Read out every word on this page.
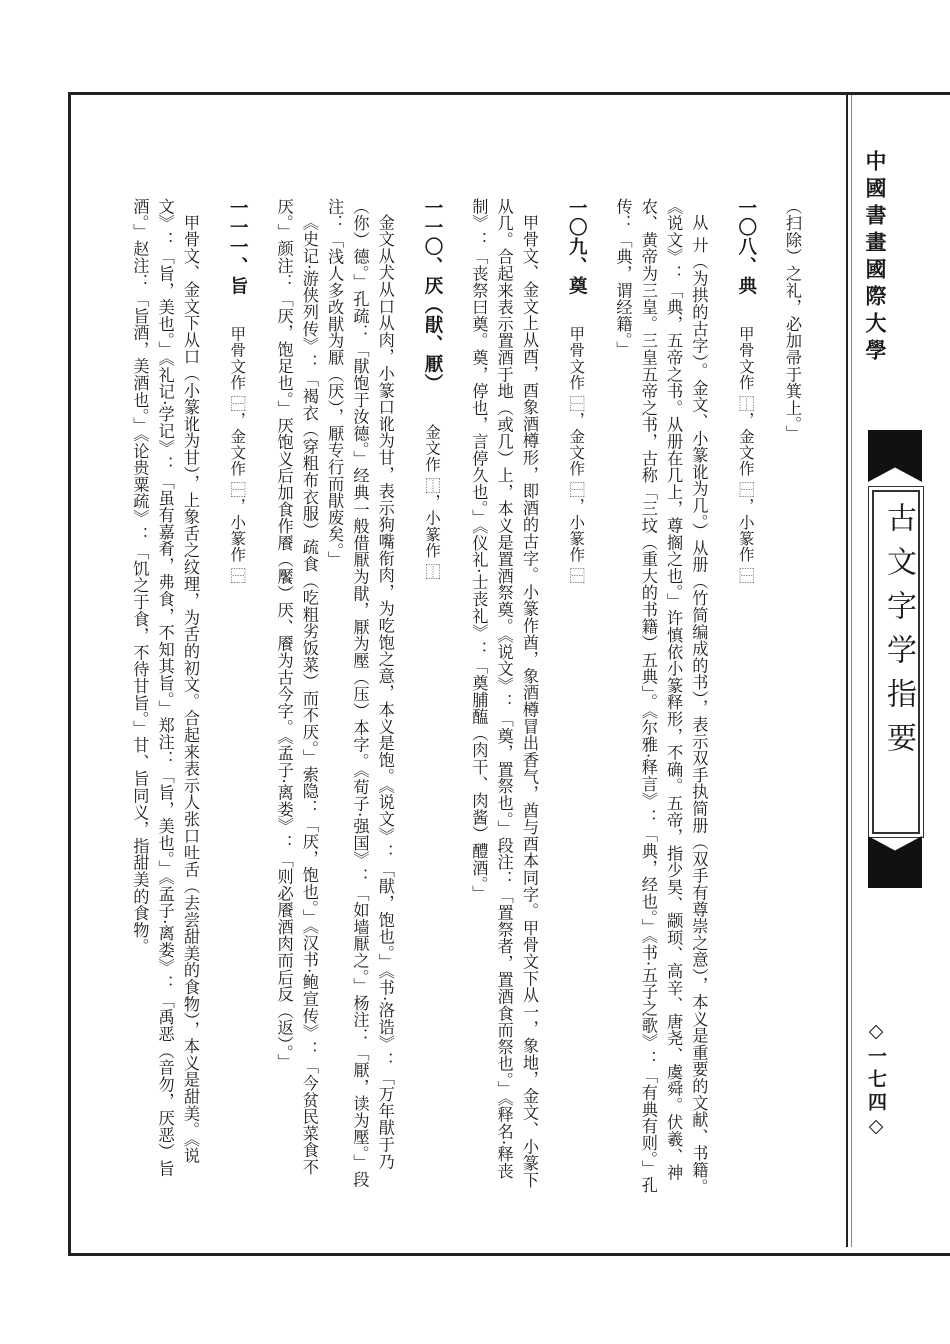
中國書畫國際大學
古文字学指要
◇一七四◇

（扫除）之礼，必加帚于箕上。」

一〇八、典 甲骨文作 ⿰，金文作 ⿱，小篆作 ⿱

从 廾（为拱的古字）。金文、小篆讹为几。）从册（竹简编成的书），表示双手执简册（双手有尊崇之意），本义是重要的文献、书籍。《说文》：「典，五帝之书。从册在几上，尊搁之也。」许慎依小篆释形，不确。五帝，指少昊、颛顼、高辛、唐尧、虞舜。伏羲、神农、黄帝为三皇。三皇五帝之书，古称「三坟（重大的书籍）五典」。《尔雅·释言》：「典，经也。」《书·五子之歌》：「有典有则。」孔传：「典，谓经籍。」

一〇九、奠 甲骨文作 ⿱，金文作 ⿱，小篆作 ⿱

甲骨文、金文上从酉，酉象酒樽形，即酒的古字。小篆作酋，象酒樽冒出香气，酋与酉本同字。甲骨文下从一，象地，金文、小篆下从几。合起来表示置酒于地（或几）上，本义是置酒祭奠。《说文》：「奠，置祭也。」段注：「置祭者，置酒食而祭也。」《释名·释丧制》：「丧祭曰奠。奠，停也，言停久也。」《仪礼·士丧礼》：「奠脯醢（肉干、肉酱）醴酒。」

一一〇、厌（猒、厭） 金文作 ⿰，小篆作 ⿰

金文从犬从口从肉，小篆口讹为甘，表示狗嘴衔肉，为吃饱之意，本义是饱。《说文》：「猒，饱也。」《书·洛诰》：「万年猒于乃（你）德。」孔疏：「猒饱于汝德。」经典一般借厭为猒，厭为壓（压）本字。《荀子·强国》：「如墙厭之。」杨注：「厭，读为壓。」段注：「浅人多改猒为厭（厌），厭专行而猒废矣。」

《史记·游侠列传》：「褐衣（穿粗布衣服）疏食（吃粗劣饭菜）而不厌。」索隐：「厌，饱也。」《汉书·鲍宣传》：「今贫民菜食不厌。」颜注：「厌，饱足也。」厌饱义后加食作餍（饜）厌、餍为古今字。《孟子·离娄》：「则必餍酒肉而后反（返）。」

一一一、旨 甲骨文作 ⿱，金文作 ⿱，小篆作 ⿱

甲骨文、金文下从口（小篆讹为甘），上象舌之纹理，为舌的初文。合起来表示人张口吐舌（去尝甜美的食物），本义是甜美。《说文》：「旨，美也。」《礼记·学记》：「虽有嘉肴，弗食，不知其旨。」郑注：「旨，美也。」《孟子·离娄》：「禹恶（音勿，厌恶）旨酒。」赵注：「旨酒，美酒也。」《论贵粟疏》：「饥之于食，不待甘旨。」甘、旨同义，指甜美的食物。
